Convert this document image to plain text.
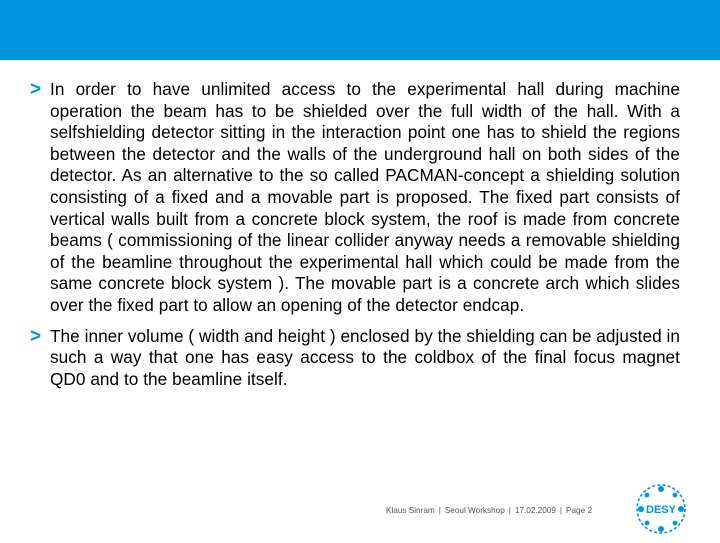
> In order to have unlimited access to the experimental hall during machine operation the beam has to be shielded over the full width of the hall. With a selfshielding detector sitting in the interaction point one has to shield the regions between the detector and the walls of the underground hall on both sides of the detector. As an alternative to the so called PACMAN-concept a shielding solution consisting of a fixed and a movable part is proposed. The fixed part consists of vertical walls built from a concrete block system, the roof is made from concrete beams ( commissioning of the linear collider anyway needs a removable shielding of the beamline throughout the experimental hall which could be made from the same concrete block system ). The movable part is a concrete arch which slides over the fixed part to allow an opening of the detector endcap.
> The inner volume ( width and height ) enclosed by the shielding can be adjusted in such a way that one has easy access to the coldbox of the final focus magnet QD0 and to the beamline itself.
Klaus Sinram | Seoul Workshop | 17.02.2009 | Page 2	DESY
